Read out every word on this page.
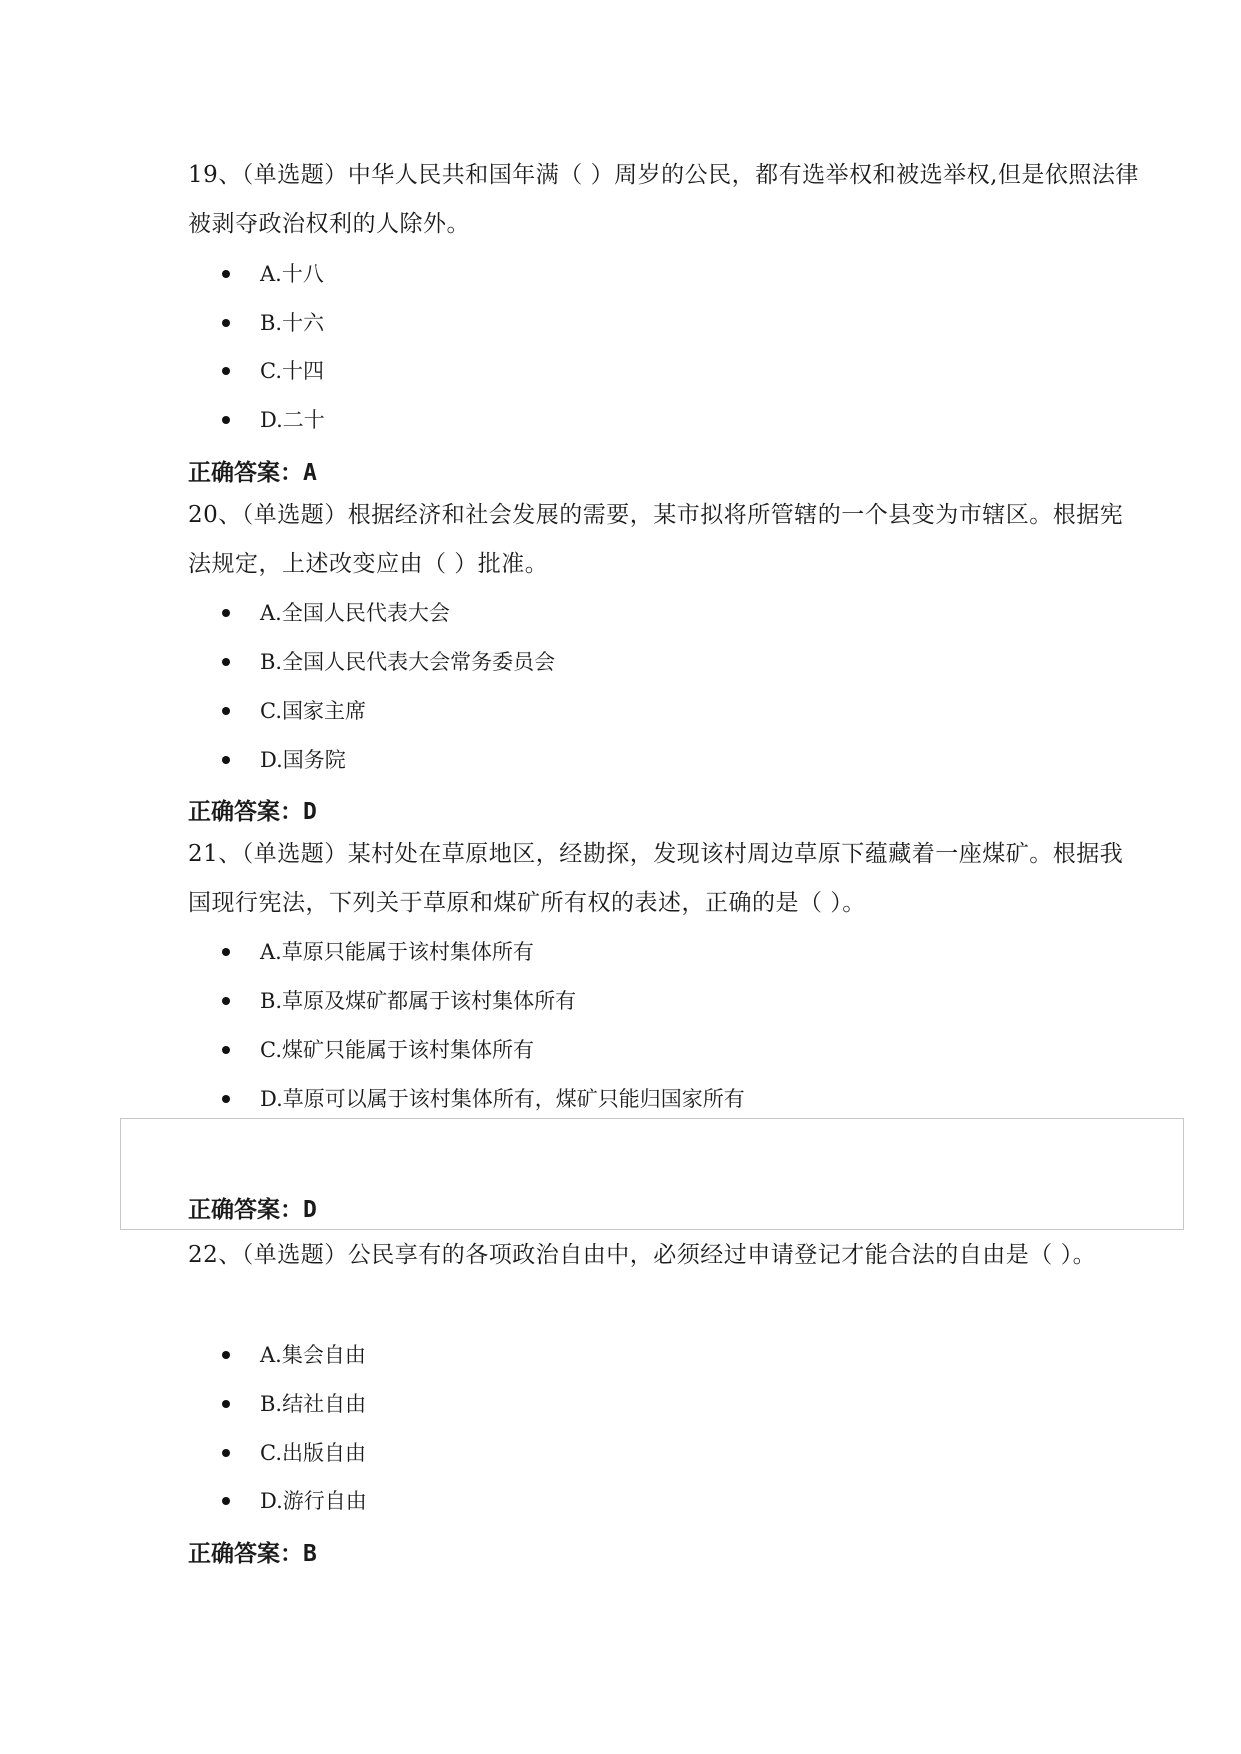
19、（单选题）中华人民共和国年满（ ）周岁的公民，都有选举权和被选举权,但是依照法律被剥夺政治权利的人除外。
A.十八
B.十六
C.十四
D.二十
正确答案：A
20、（单选题）根据经济和社会发展的需要，某市拟将所管辖的一个县变为市辖区。根据宪法规定，上述改变应由（ ）批准。
A.全国人民代表大会
B.全国人民代表大会常务委员会
C.国家主席
D.国务院
正确答案：D
21、（单选题）某村处在草原地区，经勘探，发现该村周边草原下蕴藏着一座煤矿。根据我国现行宪法，下列关于草原和煤矿所有权的表述，正确的是（ ）。
A.草原只能属于该村集体所有
B.草原及煤矿都属于该村集体所有
C.煤矿只能属于该村集体所有
D.草原可以属于该村集体所有，煤矿只能归国家所有
正确答案：D
22、（单选题）公民享有的各项政治自由中，必须经过申请登记才能合法的自由是（ ）。
A.集会自由
B.结社自由
C.出版自由
D.游行自由
正确答案：B
